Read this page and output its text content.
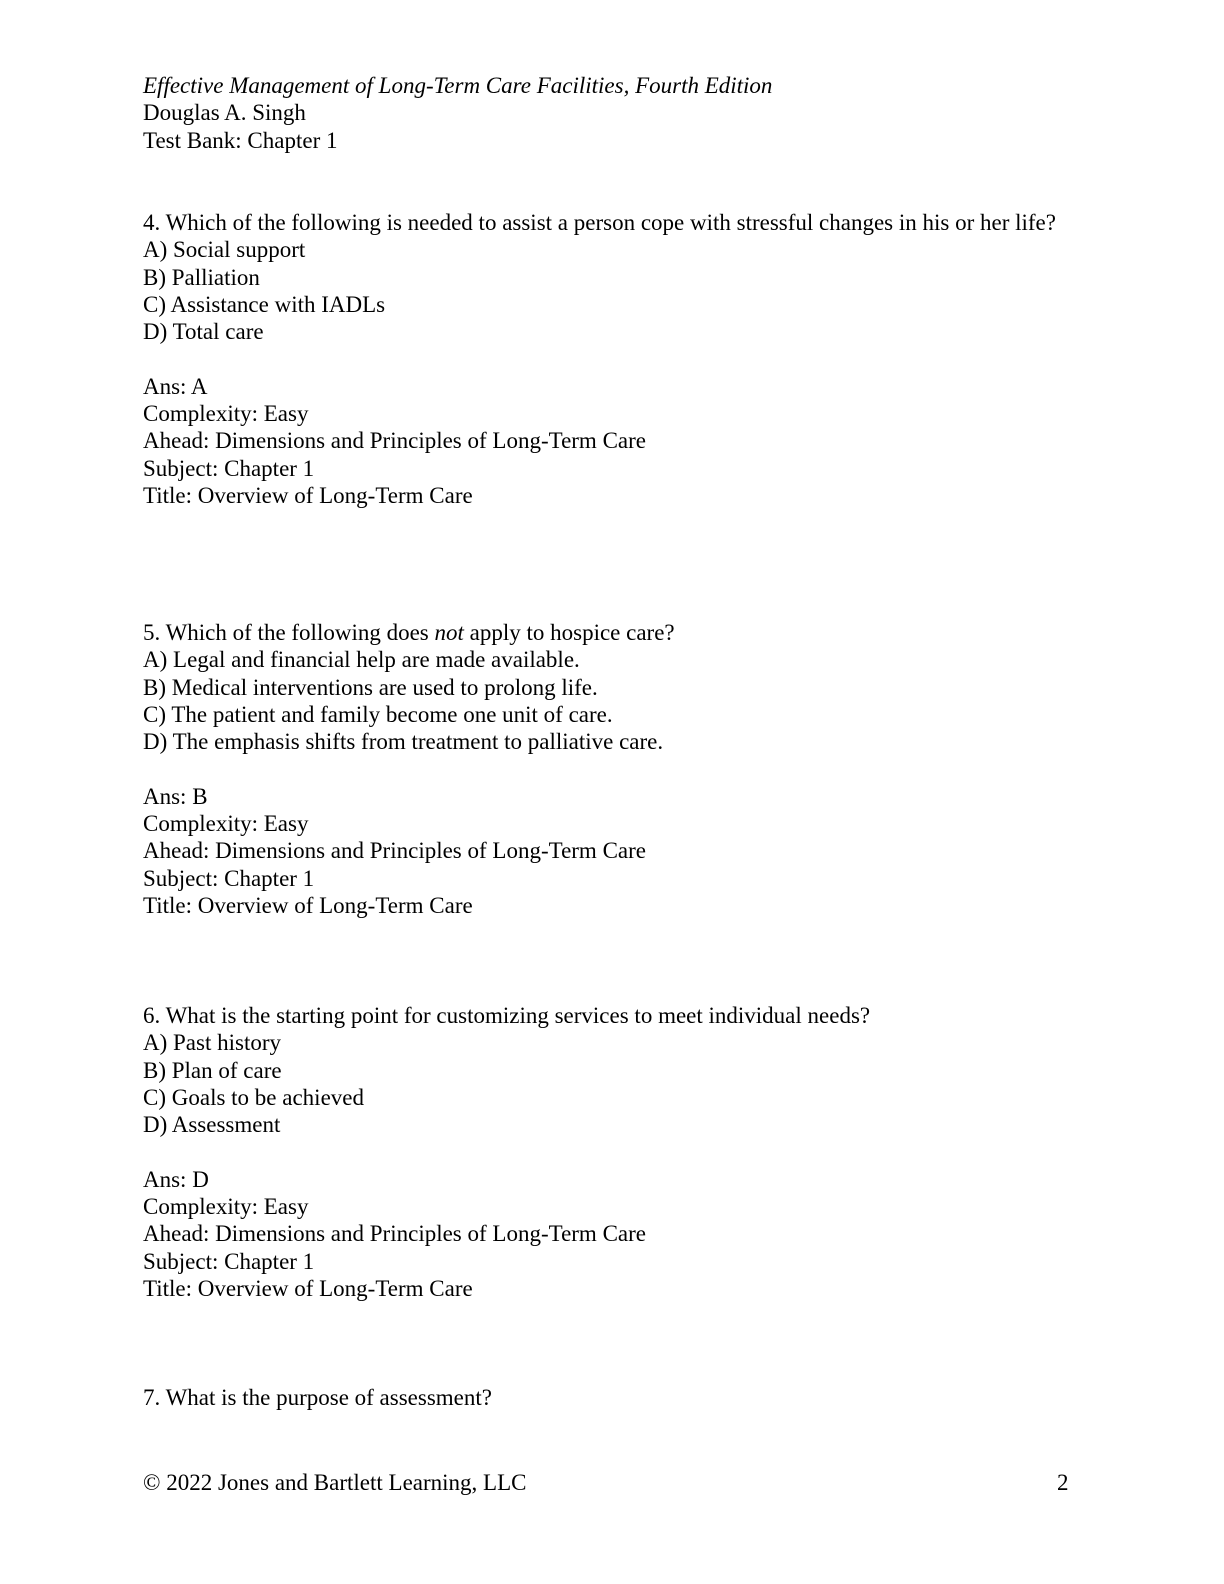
Effective Management of Long-Term Care Facilities, Fourth Edition
Douglas A. Singh
Test Bank: Chapter 1
4. Which of the following is needed to assist a person cope with stressful changes in his or her life?
A) Social support
B) Palliation
C) Assistance with IADLs
D) Total care
Ans: A
Complexity: Easy
Ahead: Dimensions and Principles of Long-Term Care
Subject: Chapter 1
Title: Overview of Long-Term Care
5. Which of the following does not apply to hospice care?
A) Legal and financial help are made available.
B) Medical interventions are used to prolong life.
C) The patient and family become one unit of care.
D) The emphasis shifts from treatment to palliative care.
Ans: B
Complexity: Easy
Ahead: Dimensions and Principles of Long-Term Care
Subject: Chapter 1
Title: Overview of Long-Term Care
6. What is the starting point for customizing services to meet individual needs?
A) Past history
B) Plan of care
C) Goals to be achieved
D) Assessment
Ans: D
Complexity: Easy
Ahead: Dimensions and Principles of Long-Term Care
Subject: Chapter 1
Title: Overview of Long-Term Care
7. What is the purpose of assessment?
© 2022 Jones and Bartlett Learning, LLC	2
